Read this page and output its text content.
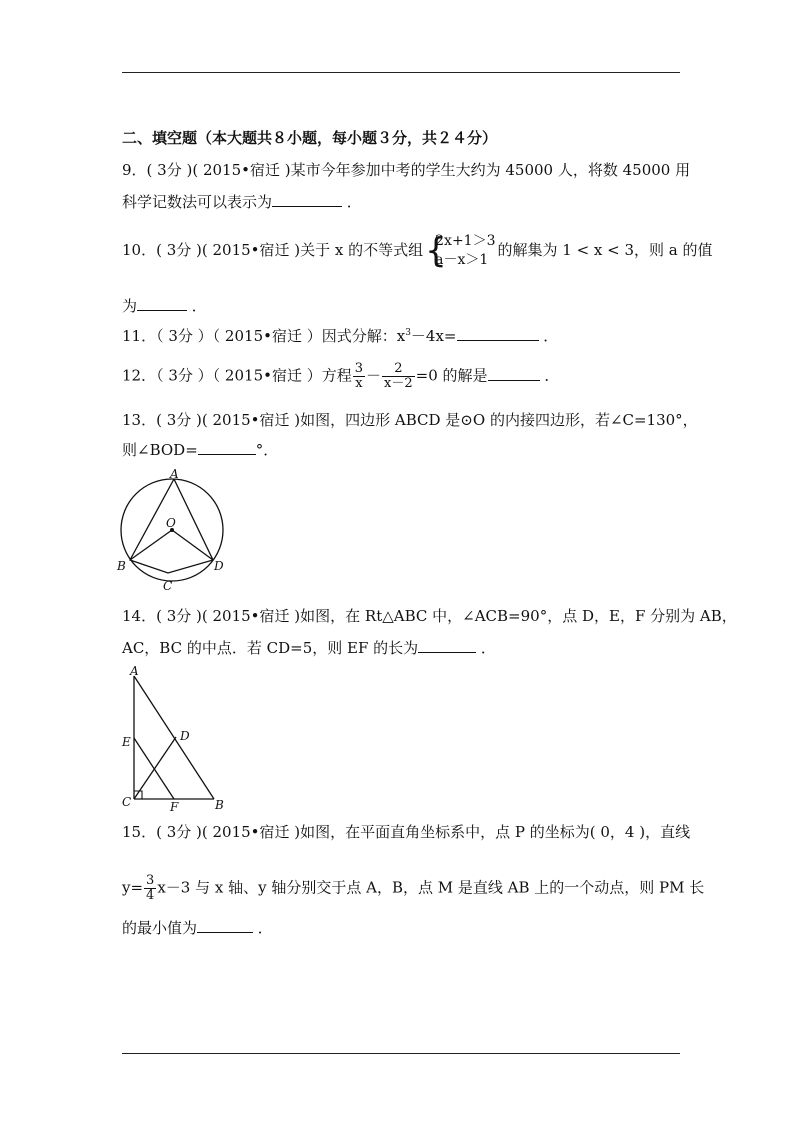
二、填空题（本大题共８小题，每小题３分，共２４分）
9．( 3分 )( 2015•宿迁 )某市今年参加中考的学生大约为 45000 人，将数 45000 用
科学记数法可以表示为	．
10．( 3分 )( 2015•宿迁 )关于 x 的不等式组 {
2x+1＞3
a－x＞1
的解集为 1 < x < 3，则 a 的值
为	．
11．（ 3分 ）（ 2015•宿迁 ）因式分解：$x^3-4x=$	．
12．（ 3分 ）（ 2015•宿迁 ）方程 $\frac{3}{x} - \frac{2}{x-2} =0$ 的解是	．
13．( 3分 )( 2015•宿迁 )如图，四边形 ABCD 是⊙O 的内接四边形，若∠C=130°，
则∠BOD=	°．
A
B
C
D
O
14．( 3分 )( 2015•宿迁 )如图，在 Rt△ABC 中，∠ACB=90°，点 D，E，F 分别为 AB，
AC，BC 的中点．若 CD=5，则 EF 的长为	．
A
E	D
C	F	B
15．( 3分 )( 2015•宿迁 )如图，在平面直角坐标系中，点 P 的坐标为( 0，4 )，直线
$y= \frac{3}{4} x-3$ 与 x 轴、y 轴分别交于点 A，B，点 M 是直线 AB 上的一个动点，则 PM 长
的最小值为	．
